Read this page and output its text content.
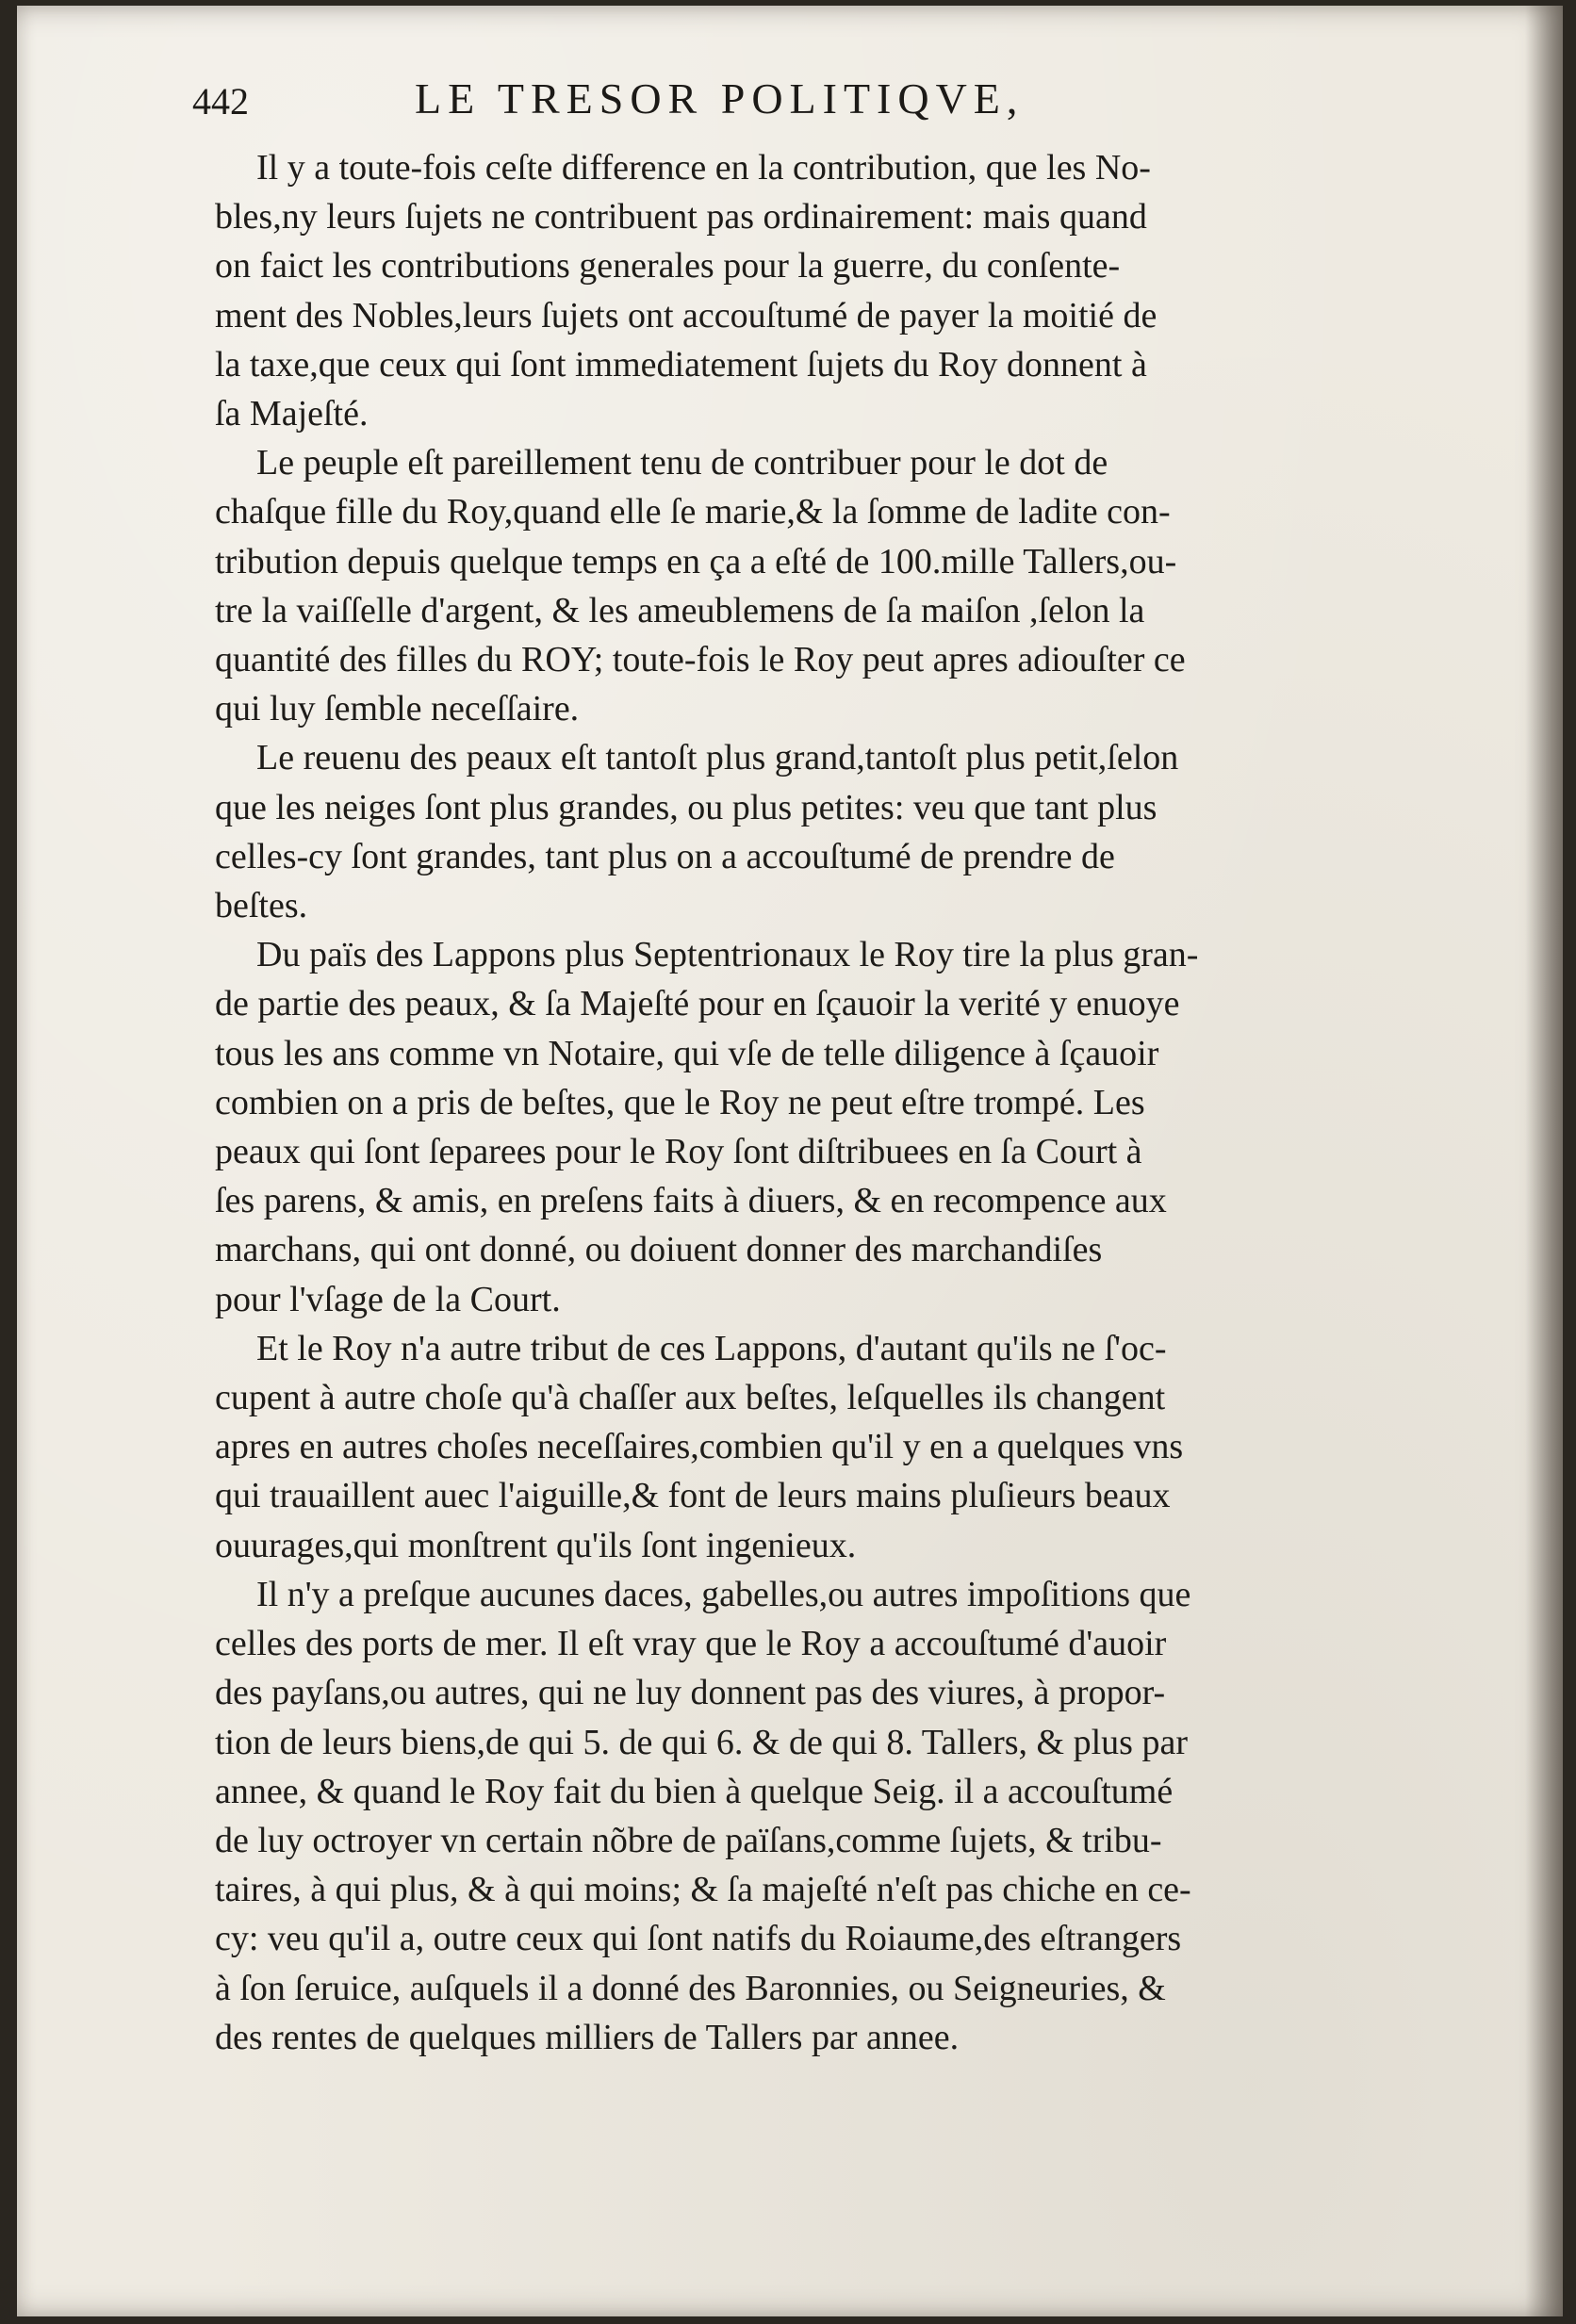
442	LE TRESOR POLITIQVE,
Il y a toute-fois ceſte difference en la contribution, que les No-
bles,ny leurs ſujets ne contribuent pas ordinairement: mais quand
on faict les contributions generales pour la guerre, du conſente-
ment des Nobles,leurs ſujets ont accouſtumé de payer la moitié de
la taxe,que ceux qui ſont immediatement ſujets du Roy donnent à
ſa Majeſté.
Le peuple eſt pareillement tenu de contribuer pour le dot de
chaſque fille du Roy,quand elle ſe marie,& la ſomme de ladite con-
tribution depuis quelque temps en ça a eſté de 100.mille Tallers,ou-
tre la vaiſſelle d'argent, & les ameublemens de ſa maiſon ,ſelon la
quantité des filles du ROY; toute-fois le Roy peut apres adiouſter ce
qui luy ſemble neceſſaire.
Le reuenu des peaux eſt tantoſt plus grand,tantoſt plus petit,ſelon
que les neiges ſont plus grandes, ou plus petites: veu que tant plus
celles-cy ſont grandes, tant plus on a accouſtumé de prendre de
beſtes.
Du païs des Lappons plus Septentrionaux le Roy tire la plus gran-
de partie des peaux, & ſa Majeſté pour en ſçauoir la verité y enuoye
tous les ans comme vn Notaire, qui vſe de telle diligence à ſçauoir
combien on a pris de beſtes, que le Roy ne peut eſtre trompé. Les
peaux qui ſont ſeparees pour le Roy ſont diſtribuees en ſa Court à
ſes parens, & amis, en preſens faits à diuers, & en recompence aux
marchans, qui ont donné, ou doiuent donner des marchandiſes
pour l'vſage de la Court.
Et le Roy n'a autre tribut de ces Lappons, d'autant qu'ils ne ſ'oc-
cupent à autre choſe qu'à chaſſer aux beſtes, leſquelles ils changent
apres en autres choſes neceſſaires,combien qu'il y en a quelques vns
qui trauaillent auec l'aiguille,& font de leurs mains pluſieurs beaux
ouurages,qui monſtrent qu'ils ſont ingenieux.
Il n'y a preſque aucunes daces, gabelles,ou autres impoſitions que
celles des ports de mer. Il eſt vray que le Roy a accouſtumé d'auoir
des payſans,ou autres, qui ne luy donnent pas des viures, à propor-
tion de leurs biens,de qui 5. de qui 6. & de qui 8. Tallers, & plus par
annee, & quand le Roy fait du bien à quelque Seig. il a accouſtumé
de luy octroyer vn certain nõbre de païſans,comme ſujets, & tribu-
taires, à qui plus, & à qui moins; & ſa majeſté n'eſt pas chiche en ce-
cy: veu qu'il a, outre ceux qui ſont natifs du Roiaume,des eſtrangers
à ſon ſeruice, auſquels il a donné des Baronnies, ou Seigneuries, &
des rentes de quelques milliers de Tallers par annee.
